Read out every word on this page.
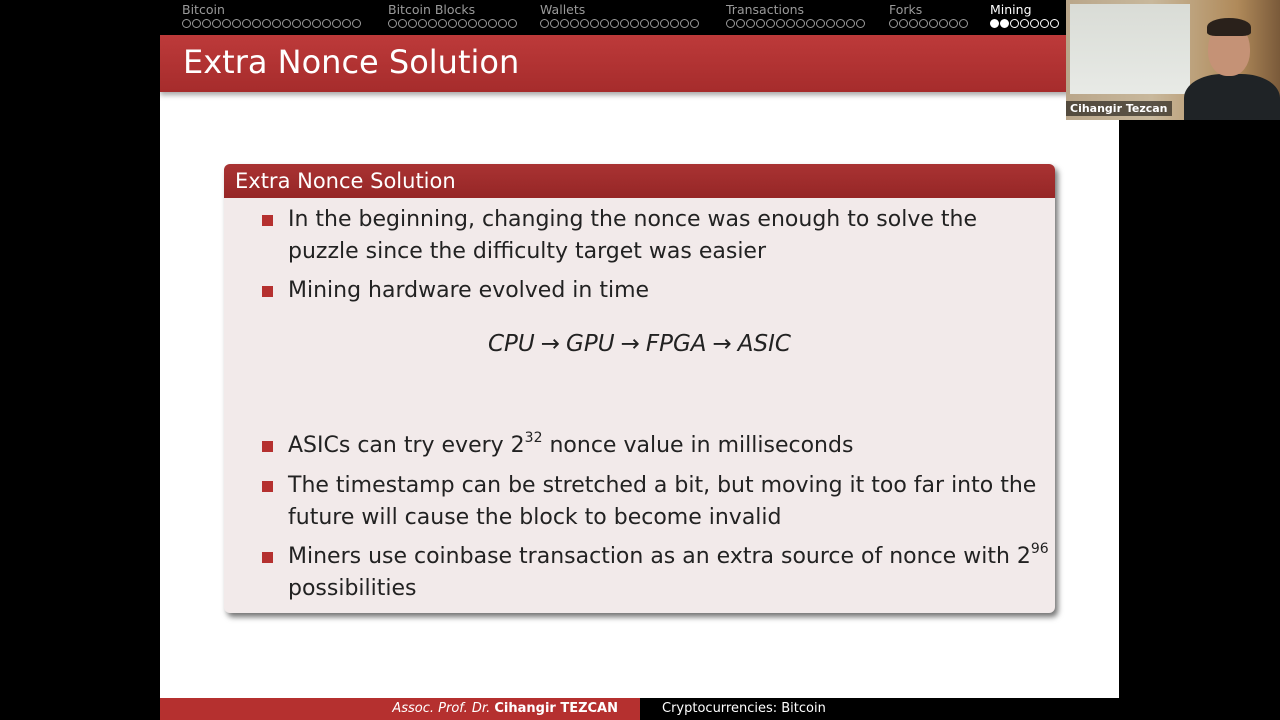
Bitcoin	Bitcoin Blocks	Wallets	Transactions	Forks	Mining
Extra Nonce Solution
Extra Nonce Solution
In the beginning, changing the nonce was enough to solve the puzzle since the difficulty target was easier
Mining hardware evolved in time
CPU → GPU → FPGA → ASIC
ASICs can try every $2^{32}$ nonce value in milliseconds
The timestamp can be stretched a bit, but moving it too far into the future will cause the block to become invalid
Miners use coinbase transaction as an extra source of nonce with $2^{96}$ possibilities
Assoc. Prof. Dr. Cihangir TEZCAN	Cryptocurrencies: Bitcoin
Cihangir Tezcan
